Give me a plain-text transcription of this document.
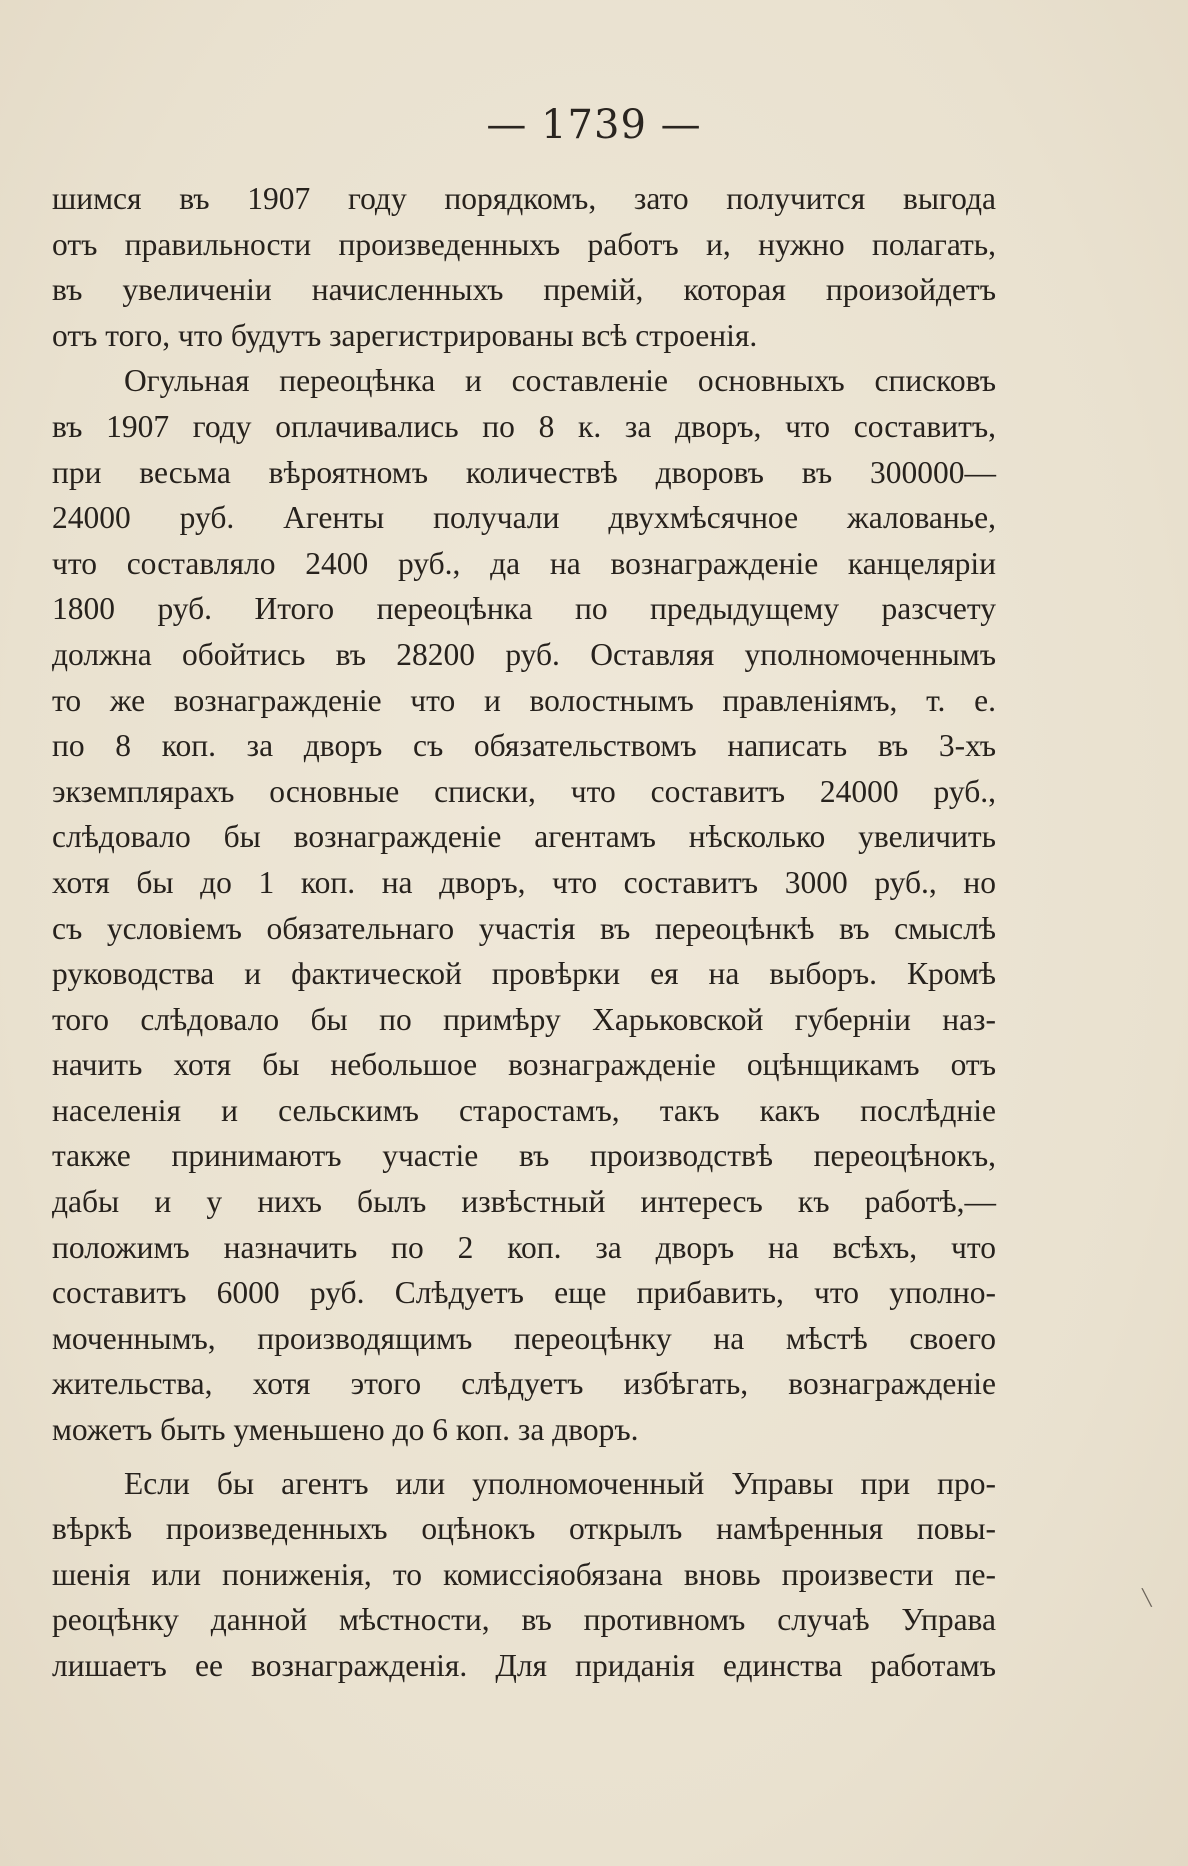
— 1739 —
шимся въ 1907 году порядкомъ, зато получится выгода
отъ правильности произведенныхъ работъ и, нужно полагать,
въ увеличеніи начисленныхъ премій, которая произойдетъ
отъ того, что будутъ зарегистрированы всѣ строенія.
Огульная переоцѣнка и составленіе основныхъ списковъ
въ 1907 году оплачивались по 8 к. за дворъ, что составитъ,
при весьма вѣроятномъ количествѣ дворовъ въ 300000—
24000 руб. Агенты получали двухмѣсячное жалованье,
что составляло 2400 руб., да на вознагражденіе канцеляріи
1800 руб. Итого переоцѣнка по предыдущему разсчету
должна обойтись въ 28200 руб. Оставляя уполномоченнымъ
то же вознагражденіе что и волостнымъ правленіямъ, т. е.
по 8 коп. за дворъ съ обязательствомъ написать въ 3-хъ
экземплярахъ основные списки, что составитъ 24000 руб.,
слѣдовало бы вознагражденіе агентамъ нѣсколько увеличить
хотя бы до 1 коп. на дворъ, что составитъ 3000 руб., но
съ условіемъ обязательнаго участія въ переоцѣнкѣ въ смыслѣ
руководства и фактической провѣрки ея на выборъ. Кромѣ
того слѣдовало бы по примѣру Харьковской губерніи наз-
начить хотя бы небольшое вознагражденіе оцѣнщикамъ отъ
населенія и сельскимъ старостамъ, такъ какъ послѣдніе
также принимаютъ участіе въ производствѣ переоцѣнокъ,
дабы и у нихъ былъ извѣстный интересъ къ работѣ,—
положимъ назначить по 2 коп. за дворъ на всѣхъ, что
составитъ 6000 руб. Слѣдуетъ еще прибавить, что уполно-
моченнымъ, производящимъ переоцѣнку на мѣстѣ своего
жительства, хотя этого слѣдуетъ избѣгать, вознагражденіе
можетъ быть уменьшено до 6 коп. за дворъ.
Если бы агентъ или уполномоченный Управы при про-
вѣркѣ произведенныхъ оцѣнокъ открылъ намѣренныя повы-
шенія или пониженія, то комиссіяобязана вновь произвести пе-
реоцѣнку данной мѣстности, въ противномъ случаѣ Управа
лишаетъ ее вознагражденія. Для приданія единства работамъ
╲
